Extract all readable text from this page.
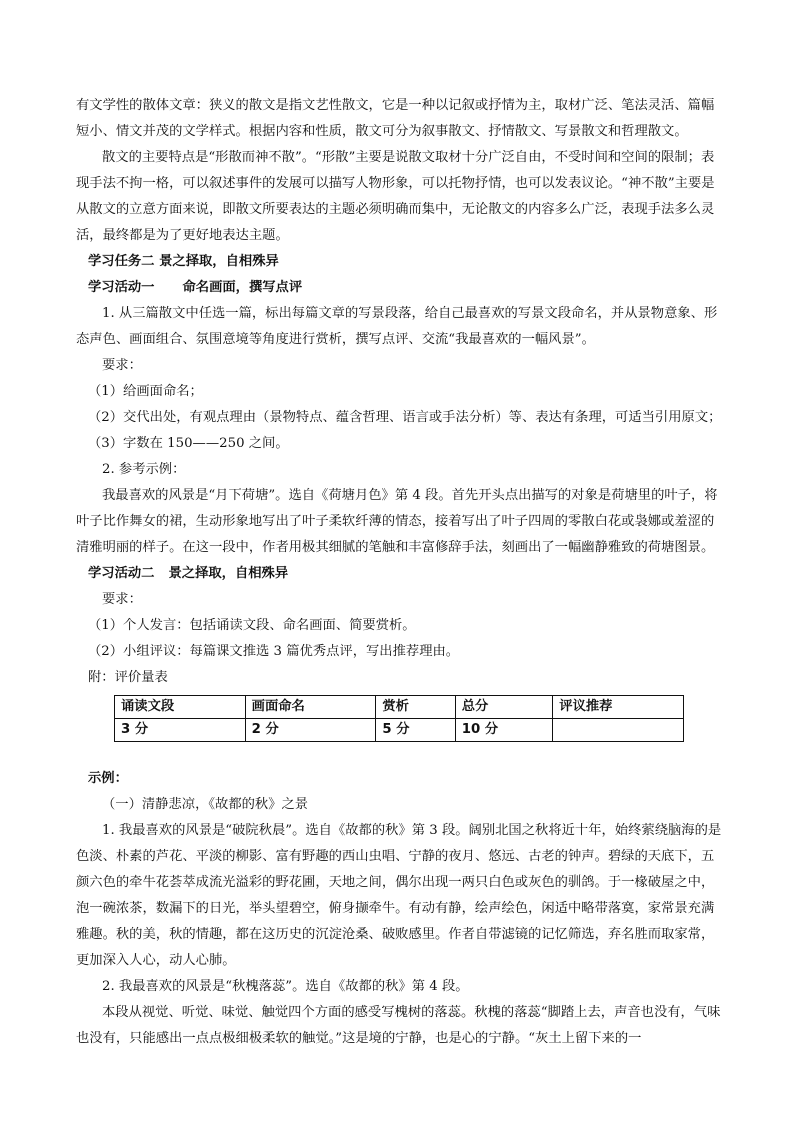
有文学性的散体文章：狭义的散文是指文艺性散文，它是一种以记叙或抒情为主，取材广泛、笔法灵活、篇幅短小、情文并茂的文学样式。根据内容和性质，散文可分为叙事散文、抒情散文、写景散文和哲理散文。

散文的主要特点是“形散而神不散”。“形散”主要是说散文取材十分广泛自由，不受时间和空间的限制；表现手法不拘一格，可以叙述事件的发展可以描写人物形象，可以托物抒情，也可以发表议论。“神不散”主要是从散文的立意方面来说，即散文所要表达的主题必须明确而集中，无论散文的内容多么广泛，表现手法多么灵活，最终都是为了更好地表达主题。

学习任务二 景之择取，自相殊异

学习活动一 命名画面，撰写点评

1. 从三篇散文中任选一篇，标出每篇文章的写景段落，给自己最喜欢的写景文段命名，并从景物意象、形态声色、画面组合、氛围意境等角度进行赏析，撰写点评、交流“我最喜欢的一幅风景”。

要求：

（1）给画面命名；

（2）交代出处，有观点理由（景物特点、蕴含哲理、语言或手法分析）等、表达有条理，可适当引用原文；

（3）字数在 150——250 之间。

2. 参考示例：

我最喜欢的风景是“月下荷塘”。选自《荷塘月色》第 4 段。首先开头点出描写的对象是荷塘里的叶子，将叶子比作舞女的裙，生动形象地写出了叶子柔软纤薄的情态，接着写出了叶子四周的零散白花或袅娜或羞涩的清雅明丽的样子。在这一段中，作者用极其细腻的笔触和丰富修辞手法，刻画出了一幅幽静雅致的荷塘图景。

学习活动二 景之择取，自相殊异

要求：

（1）个人发言：包括诵读文段、命名画面、简要赏析。

（2）小组评议：每篇课文推选 3 篇优秀点评，写出推荐理由。

附：评价量表

诵读文段	画面命名	赏析	总分	评议推荐
3 分	2 分	5 分	10 分	

示例：

（一）清静悲凉，《故都的秋》之景

1. 我最喜欢的风景是“破院秋晨”。选自《故都的秋》第 3 段。阔别北国之秋将近十年，始终萦绕脑海的是色淡、朴素的芦花、平淡的柳影、富有野趣的西山虫唱、宁静的夜月、悠远、古老的钟声。碧绿的天底下，五颜六色的牵牛花荟萃成流光溢彩的野花圃，天地之间，偶尔出现一两只白色或灰色的驯鸽。于一椽破屋之中，泡一碗浓茶，数漏下的日光，举头望碧空，俯身撷牵牛。有动有静，绘声绘色，闲适中略带落寞，家常景充满雅趣。秋的美，秋的情趣，都在这历史的沉淀沧桑、破败感里。作者自带滤镜的记忆筛选，弃名胜而取家常，更加深入人心，动人心肺。

2. 我最喜欢的风景是“秋槐落蕊”。选自《故都的秋》第 4 段。

本段从视觉、听觉、味觉、触觉四个方面的感受写槐树的落蕊。秋槐的落蕊“脚踏上去，声音也没有，气味也没有，只能感出一点点极细极柔软的触觉。”这是境的宁静，也是心的宁静。“灰土上留下来的一
